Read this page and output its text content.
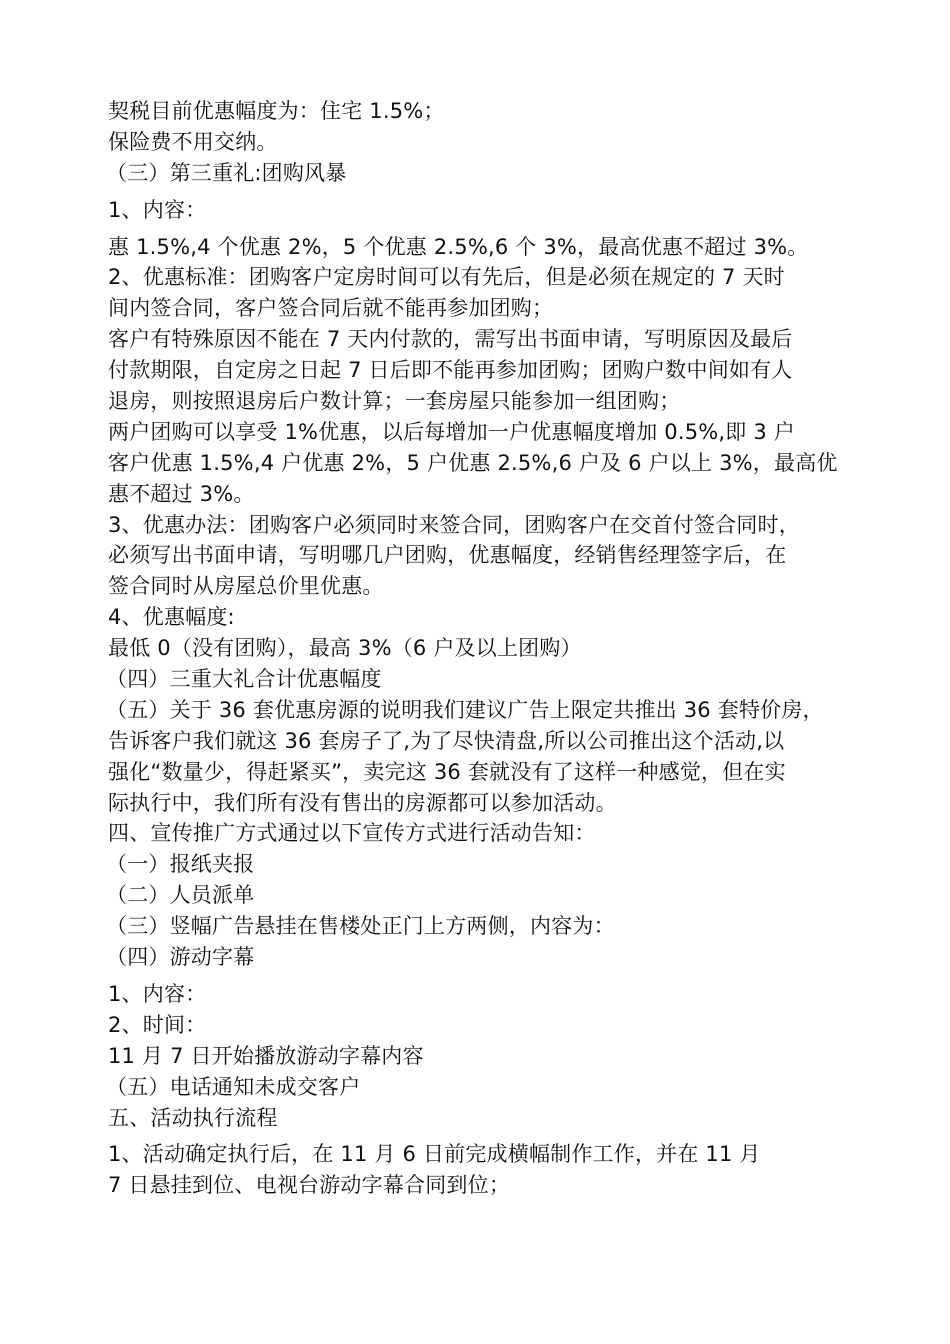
契税目前优惠幅度为：住宅 1.5%；
保险费不用交纳。
（三）第三重礼:团购风暴
1、内容：
惠 1.5%,4 个优惠 2%，5 个优惠 2.5%,6 个 3%，最高优惠不超过 3%。
2、优惠标准：团购客户定房时间可以有先后，但是必须在规定的 7 天时
间内签合同，客户签合同后就不能再参加团购；
客户有特殊原因不能在 7 天内付款的，需写出书面申请，写明原因及最后
付款期限，自定房之日起 7 日后即不能再参加团购；团购户数中间如有人
退房，则按照退房后户数计算；一套房屋只能参加一组团购；
两户团购可以享受 1%优惠，以后每增加一户优惠幅度增加 0.5%,即 3 户
客户优惠 1.5%,4 户优惠 2%，5 户优惠 2.5%,6 户及 6 户以上 3%，最高优
惠不超过 3%。
3、优惠办法：团购客户必须同时来签合同，团购客户在交首付签合同时，
必须写出书面申请，写明哪几户团购，优惠幅度，经销售经理签字后，在
签合同时从房屋总价里优惠。
4、优惠幅度:
最低 0（没有团购），最高 3%（6 户及以上团购）
（四）三重大礼合计优惠幅度
（五）关于 36 套优惠房源的说明我们建议广告上限定共推出 36 套特价房，
告诉客户我们就这 36 套房子了,为了尽快清盘,所以公司推出这个活动,以
强化“数量少，得赶紧买”，卖完这 36 套就没有了这样一种感觉，但在实
际执行中，我们所有没有售出的房源都可以参加活动。
四、宣传推广方式通过以下宣传方式进行活动告知：
（一）报纸夹报
（二）人员派单
（三）竖幅广告悬挂在售楼处正门上方两侧，内容为：
（四）游动字幕
1、内容：
2、时间：
11 月 7 日开始播放游动字幕内容
（五）电话通知未成交客户
五、活动执行流程
1、活动确定执行后，在 11 月 6 日前完成横幅制作工作，并在 11 月
7 日悬挂到位、电视台游动字幕合同到位；
